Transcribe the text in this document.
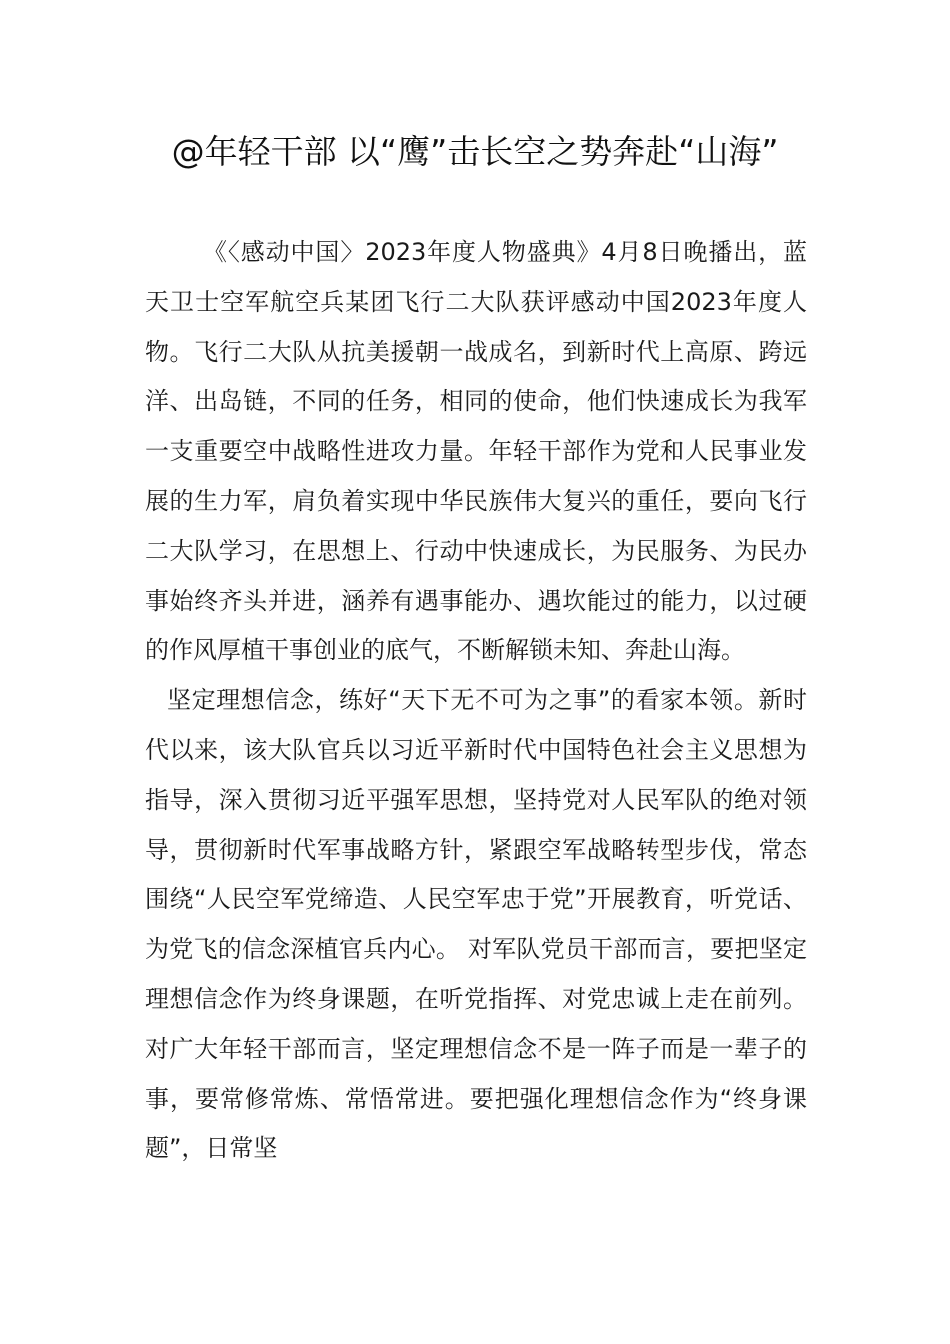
@年轻干部 以“鹰”击长空之势奔赴“山海”

《〈感动中国〉2023年度人物盛典》4月8日晚播出，蓝天卫士空军航空兵某团飞行二大队获评感动中国2023年度人物。飞行二大队从抗美援朝一战成名，到新时代上高原、跨远洋、出岛链，不同的任务，相同的使命，他们快速成长为我军一支重要空中战略性进攻力量。年轻干部作为党和人民事业发展的生力军，肩负着实现中华民族伟大复兴的重任，要向飞行二大队学习，在思想上、行动中快速成长，为民服务、为民办事始终齐头并进，涵养有遇事能办、遇坎能过的能力，以过硬的作风厚植干事创业的底气，不断解锁未知、奔赴山海。

坚定理想信念，练好“天下无不可为之事”的看家本领。新时代以来，该大队官兵以习近平新时代中国特色社会主义思想为指导，深入贯彻习近平强军思想，坚持党对人民军队的绝对领导，贯彻新时代军事战略方针，紧跟空军战略转型步伐，常态围绕“人民空军党缔造、人民空军忠于党”开展教育，听党话、为党飞的信念深植官兵内心。 对军队党员干部而言，要把坚定理想信念作为终身课题，在听党指挥、对党忠诚上走在前列。对广大年轻干部而言，坚定理想信念不是一阵子而是一辈子的事，要常修常炼、常悟常进。要把强化理想信念作为“终身课题”，日常坚
